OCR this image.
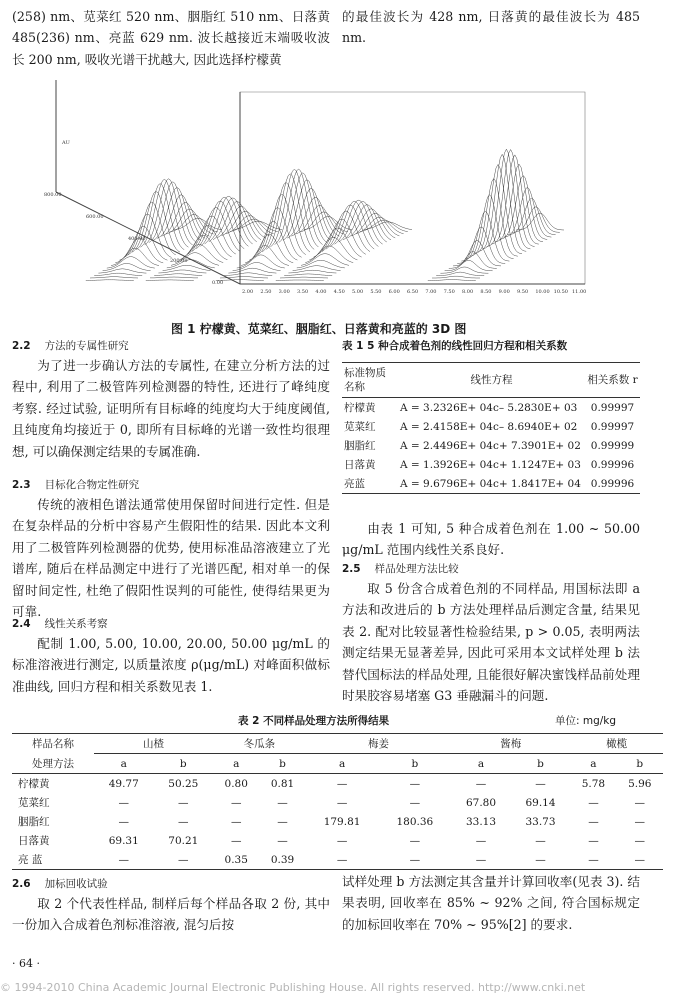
(258) nm、苋菜红 520 nm、胭脂红 510 nm、日落黄 485(236) nm、亮蓝 629 nm. 波长越接近末端吸收波长 200 nm, 吸收光谱干扰越大, 因此选择柠檬黄
的最佳波长为 428 nm, 日落黄的最佳波长为 485 nm.
AU
0.00
200.00
400.00
600.00
800.00
2.00 2.50 3.00 3.50 4.00 4.50 5.00 5.50 6.00 6.50 7.00 7.50 8.00 8.50 9.00 9.50 10.00 10.50 11.00
图 1 柠檬黄、苋菜红、胭脂红、日落黄和亮蓝的 3D 图
2.2 方法的专属性研究
为了进一步确认方法的专属性, 在建立分析方法的过程中, 利用了二极管阵列检测器的特性, 还进行了峰纯度考察. 经过试验, 证明所有目标峰的纯度均大于纯度阈值, 且纯度角均接近于 0, 即所有目标峰的光谱一致性均很理想, 可以确保测定结果的专属准确.
2.3 目标化合物定性研究
传统的液相色谱法通常使用保留时间进行定性. 但是在复杂样品的分析中容易产生假阳性的结果. 因此本文利用了二极管阵列检测器的优势, 使用标准品溶液建立了光谱库, 随后在样品测定中进行了光谱匹配, 相对单一的保留时间定性, 杜绝了假阳性误判的可能性, 使得结果更为可靠.
2.4 线性关系考察
配制 1.00, 5.00, 10.00, 20.00, 50.00 μg/mL 的标准溶液进行测定, 以质量浓度 ρ(μg/mL) 对峰面积做标准曲线, 回归方程和相关系数见表 1.
表 1 5 种合成着色剂的线性回归方程和相关系数
标准物质名称	线性方程	相关系数 r
柠檬黄	A = 3.2326E+ 04c– 5.2830E+ 03	0.99997
苋菜红	A = 2.4158E+ 04c– 8.6940E+ 02	0.99997
胭脂红	A = 2.4496E+ 04c+ 7.3901E+ 02	0.99999
日落黄	A = 1.3926E+ 04c+ 1.1247E+ 03	0.99996
亮蓝	A = 9.6796E+ 04c+ 1.8417E+ 04	0.99996
由表 1 可知, 5 种合成着色剂在 1.00 ~ 50.00 μg/mL 范围内线性关系良好.
2.5 样品处理方法比较
取 5 份含合成着色剂的不同样品, 用国标法即 a 方法和改进后的 b 方法处理样品后测定含量, 结果见表 2. 配对比较显著性检验结果, p > 0.05, 表明两法测定结果无显著差异, 因此可采用本文试样处理 b 法替代国标法的样品处理, 且能很好解决蜜饯样品前处理时果胶容易堵塞 G3 垂融漏斗的问题.
表 2 不同样品处理方法所得结果	单位: mg/kg
样品名称	山楂		冬瓜条		梅姜		酱梅		橄榄	
处理方法	a	b	a	b	a	b	a	b	a	b
柠檬黄	49.77	50.25	0.80	0.81	—	—	—	—	5.78	5.96
苋菜红	—	—	—	—	—	—	67.80	69.14	—	—
胭脂红	—	—	—	—	179.81	180.36	33.13	33.73	—	—
日落黄	69.31	70.21	—	—	—	—	—	—	—	—
亮 蓝	—	—	0.35	0.39	—	—	—	—	—	—
2.6 加标回收试验
取 2 个代表性样品, 制样后每个样品各取 2 份, 其中一份加入合成着色剂标准溶液, 混匀后按
试样处理 b 方法测定其含量并计算回收率(见表 3). 结果表明, 回收率在 85% ~ 92% 之间, 符合国标规定的加标回收率在 70% ~ 95%[2] 的要求.
· 64 ·
© 1994-2010 China Academic Journal Electronic Publishing House. All rights reserved. http://www.cnki.net
